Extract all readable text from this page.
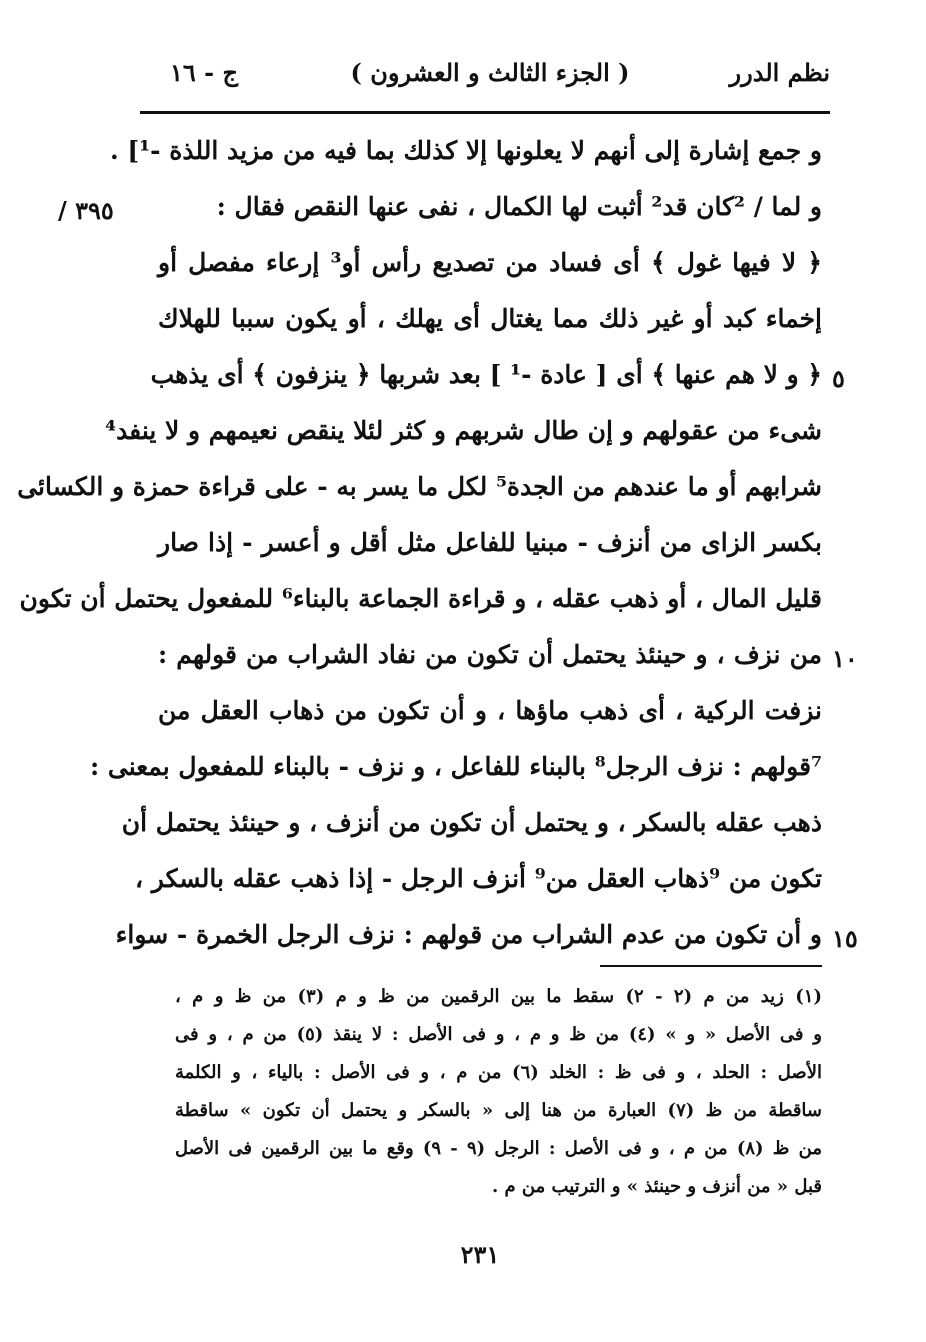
نظم الدرر
( الجزء الثالث و العشرون )
ج - ١٦
٣٩٥ /
٥
١٠
١٥
و جمع إشارة إلى أنهم لا يعلونها إلا كذلك بما فيه من مزيد اللذة -¹] .
و لما / ²كان قد² أثبت لها الكمال ، نفى عنها النقص فقال :
﴿ لا فيها غول ﴾ أى فساد من تصديع رأس أو³ إرعاء مفصل أو
إخماء كبد أو غير ذلك مما يغتال أى يهلك ، أو يكون سببا للهلاك
﴿ و لا هم عنها ﴾ أى [ عادة -¹ ] بعد شربها ﴿ ينزفون ﴾ أى يذهب
شىء من عقولهم و إن طال شربهم و كثر لئلا ينقص نعيمهم و لا ينفد⁴
شرابهم أو ما عندهم من الجدة⁵ لكل ما يسر به - على قراءة حمزة و الكسائى
بكسر الزاى من أنزف - مبنيا للفاعل مثل أقل و أعسر - إذا صار
قليل المال ، أو ذهب عقله ، و قراءة الجماعة بالبناء⁶ للمفعول يحتمل أن تكون
من نزف ، و حينئذ يحتمل أن تكون من نفاد الشراب من قولهم :
نزفت الركية ، أى ذهب ماؤها ، و أن تكون من ذهاب العقل من
⁷قولهم : نزف الرجل⁸ بالبناء للفاعل ، و نزف - بالبناء للمفعول بمعنى :
ذهب عقله بالسكر ، و يحتمل أن تكون من أنزف ، و حينئذ يحتمل أن
تكون من ⁹ذهاب العقل من⁹ أنزف الرجل - إذا ذهب عقله بالسكر ،
و أن تكون من عدم الشراب من قولهم : نزف الرجل الخمرة - سواء
(١) زيد من م (٢ - ٢) سقط ما بين الرقمين من ظ و م (٣) من ظ و م ،
و فى الأصل « و » (٤) من ظ و م ، و فى الأصل : لا ينقذ (٥) من م ، و فى
الأصل : الحلد ، و فى ظ : الخلد (٦) من م ، و فى الأصل : بالياء ، و الكلمة
ساقطة من ظ (٧) العبارة من هنا إلى « بالسكر و يحتمل أن تكون » ساقطة
من ظ (٨) من م ، و فى الأصل : الرجل (٩ - ٩) وقع ما بين الرقمين فى الأصل
قبل « من أنزف و حينئذ » و الترتيب من م .
٢٣١
